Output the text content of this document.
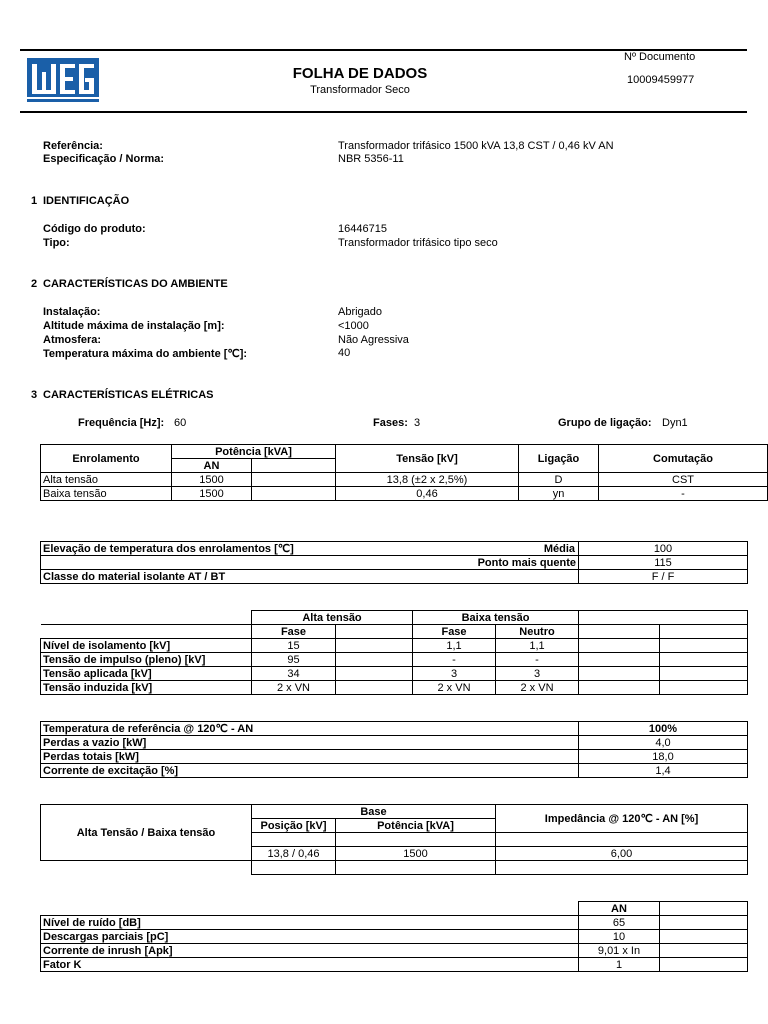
FOLHA DE DADOS
Transformador Seco
Nº Documento
10009459977
Referência:	Transformador trifásico 1500 kVA 13,8 CST / 0,46 kV AN
Especificação / Norma:	NBR 5356-11
1 IDENTIFICAÇÃO
Código do produto:	16446715
Tipo:	Transformador trifásico tipo seco
2 CARACTERÍSTICAS DO AMBIENTE
Instalação:	Abrigado
Altitude máxima de instalação [m]:	<1000
Atmosfera:	Não Agressiva
Temperatura máxima do ambiente [℃]:	40
3 CARACTERÍSTICAS ELÉTRICAS
Frequência [Hz]: 60	Fases: 3	Grupo de ligação: Dyn1
Enrolamento	Potência [kVA]		Tensão [kV]	Ligação	Comutação
	AN				
Alta tensão	1500		13,8 (±2 x 2,5%)	D	CST
Baixa tensão	1500		0,46	yn	-
Elevação de temperatura dos enrolamentos [℃] Média	100
Ponto mais quente	115
Classe do material isolante AT / BT	F / F
	Alta tensão		Baixa tensão			
	Fase		Fase	Neutro		
Nível de isolamento [kV]	15		1,1	1,1		
Tensão de impulso (pleno) [kV]	95		-	-		
Tensão aplicada [kV]	34		3	3		
Tensão induzida [kV]	2 x VN		2 x VN	2 x VN		
Temperatura de referência @ 120℃ - AN	100%
Perdas a vazio [kW]	4,0
Perdas totais [kW]	18,0
Corrente de excitação [%]	1,4
Alta Tensão / Baixa tensão	Base		Impedância @ 120℃ - AN [%]
	Posição [kV]	Potência [kVA]	

	13,8 / 0,46	1500	6,00

	AN	
Nível de ruído [dB]	65	
Descargas parciais [pC]	10	
Corrente de inrush [Apk]	9,01 x In	
Fator K	1	
